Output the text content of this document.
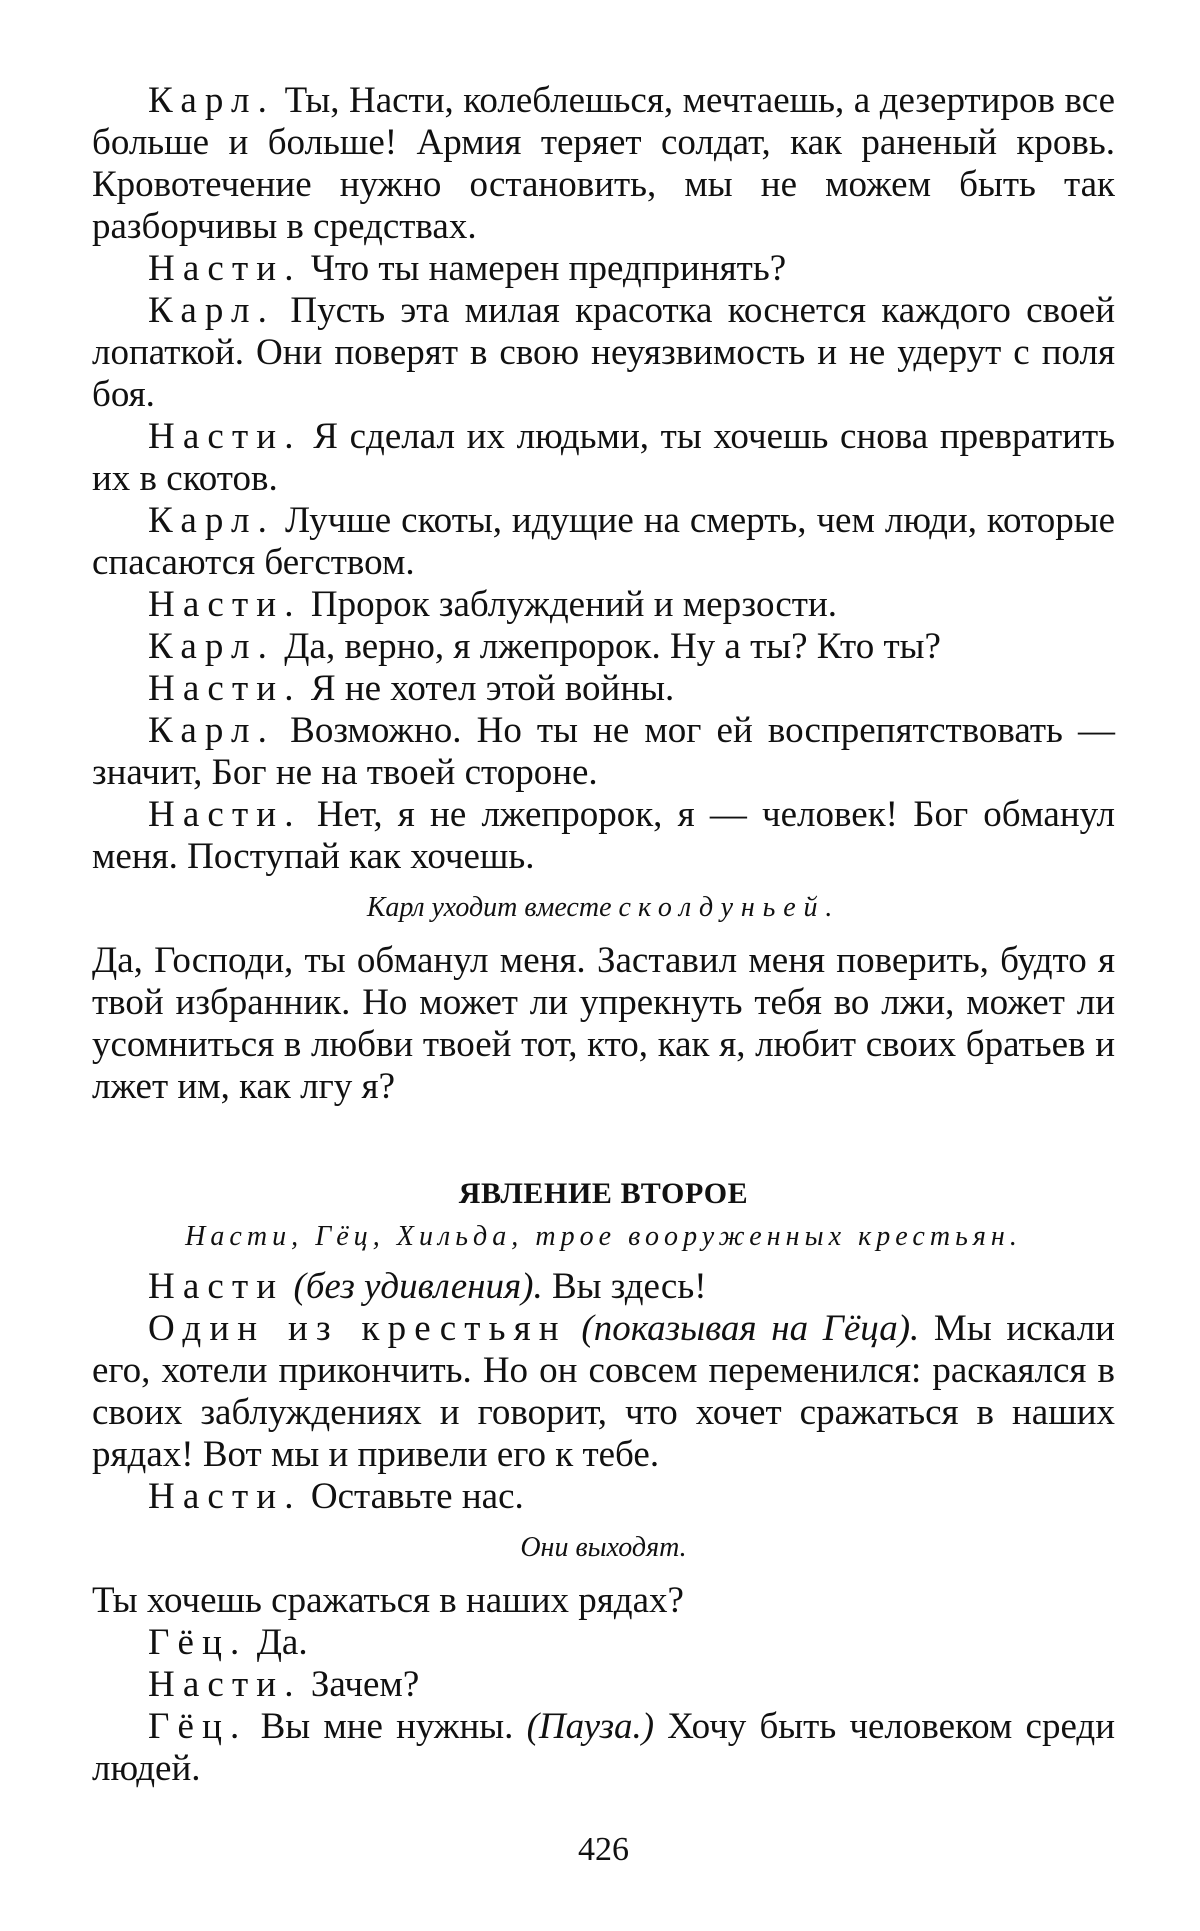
Карл. Ты, Насти, колеблешься, мечтаешь, а дезертиров все больше и больше! Армия теряет солдат, как раненый кровь. Кровотечение нужно остановить, мы не можем быть так разборчивы в средствах.

Насти. Что ты намерен предпринять?

Карл. Пусть эта милая красотка коснется каждого своей лопаткой. Они поверят в свою неуязвимость и не удерут с поля боя.

Насти. Я сделал их людьми, ты хочешь снова превратить их в скотов.

Карл. Лучше скоты, идущие на смерть, чем люди, которые спасаются бегством.

Насти. Пророк заблуждений и мерзости.

Карл. Да, верно, я лжепророк. Ну а ты? Кто ты?

Насти. Я не хотел этой войны.

Карл. Возможно. Но ты не мог ей воспрепятствовать — значит, Бог не на твоей стороне.

Насти. Нет, я не лжепророк, я — человек! Бог обманул меня. Поступай как хочешь.

Карл уходит вместе с колдуньей.

Да, Господи, ты обманул меня. Заставил меня поверить, будто я твой избранник. Но может ли упрекнуть тебя во лжи, может ли усомниться в любви твоей тот, кто, как я, любит своих братьев и лжет им, как лгу я?

ЯВЛЕНИЕ ВТОРОЕ

Насти, Гёц, Хильда, трое вооруженных крестьян.

Насти (без удивления). Вы здесь!

Один из крестьян (показывая на Гёца). Мы искали его, хотели прикончить. Но он совсем переменился: раскаялся в своих заблуждениях и говорит, что хочет сражаться в наших рядах! Вот мы и привели его к тебе.

Насти. Оставьте нас.

Они выходят.

Ты хочешь сражаться в наших рядах?

Гёц. Да.

Насти. Зачем?

Гёц. Вы мне нужны. (Пауза.) Хочу быть человеком среди людей.

426
